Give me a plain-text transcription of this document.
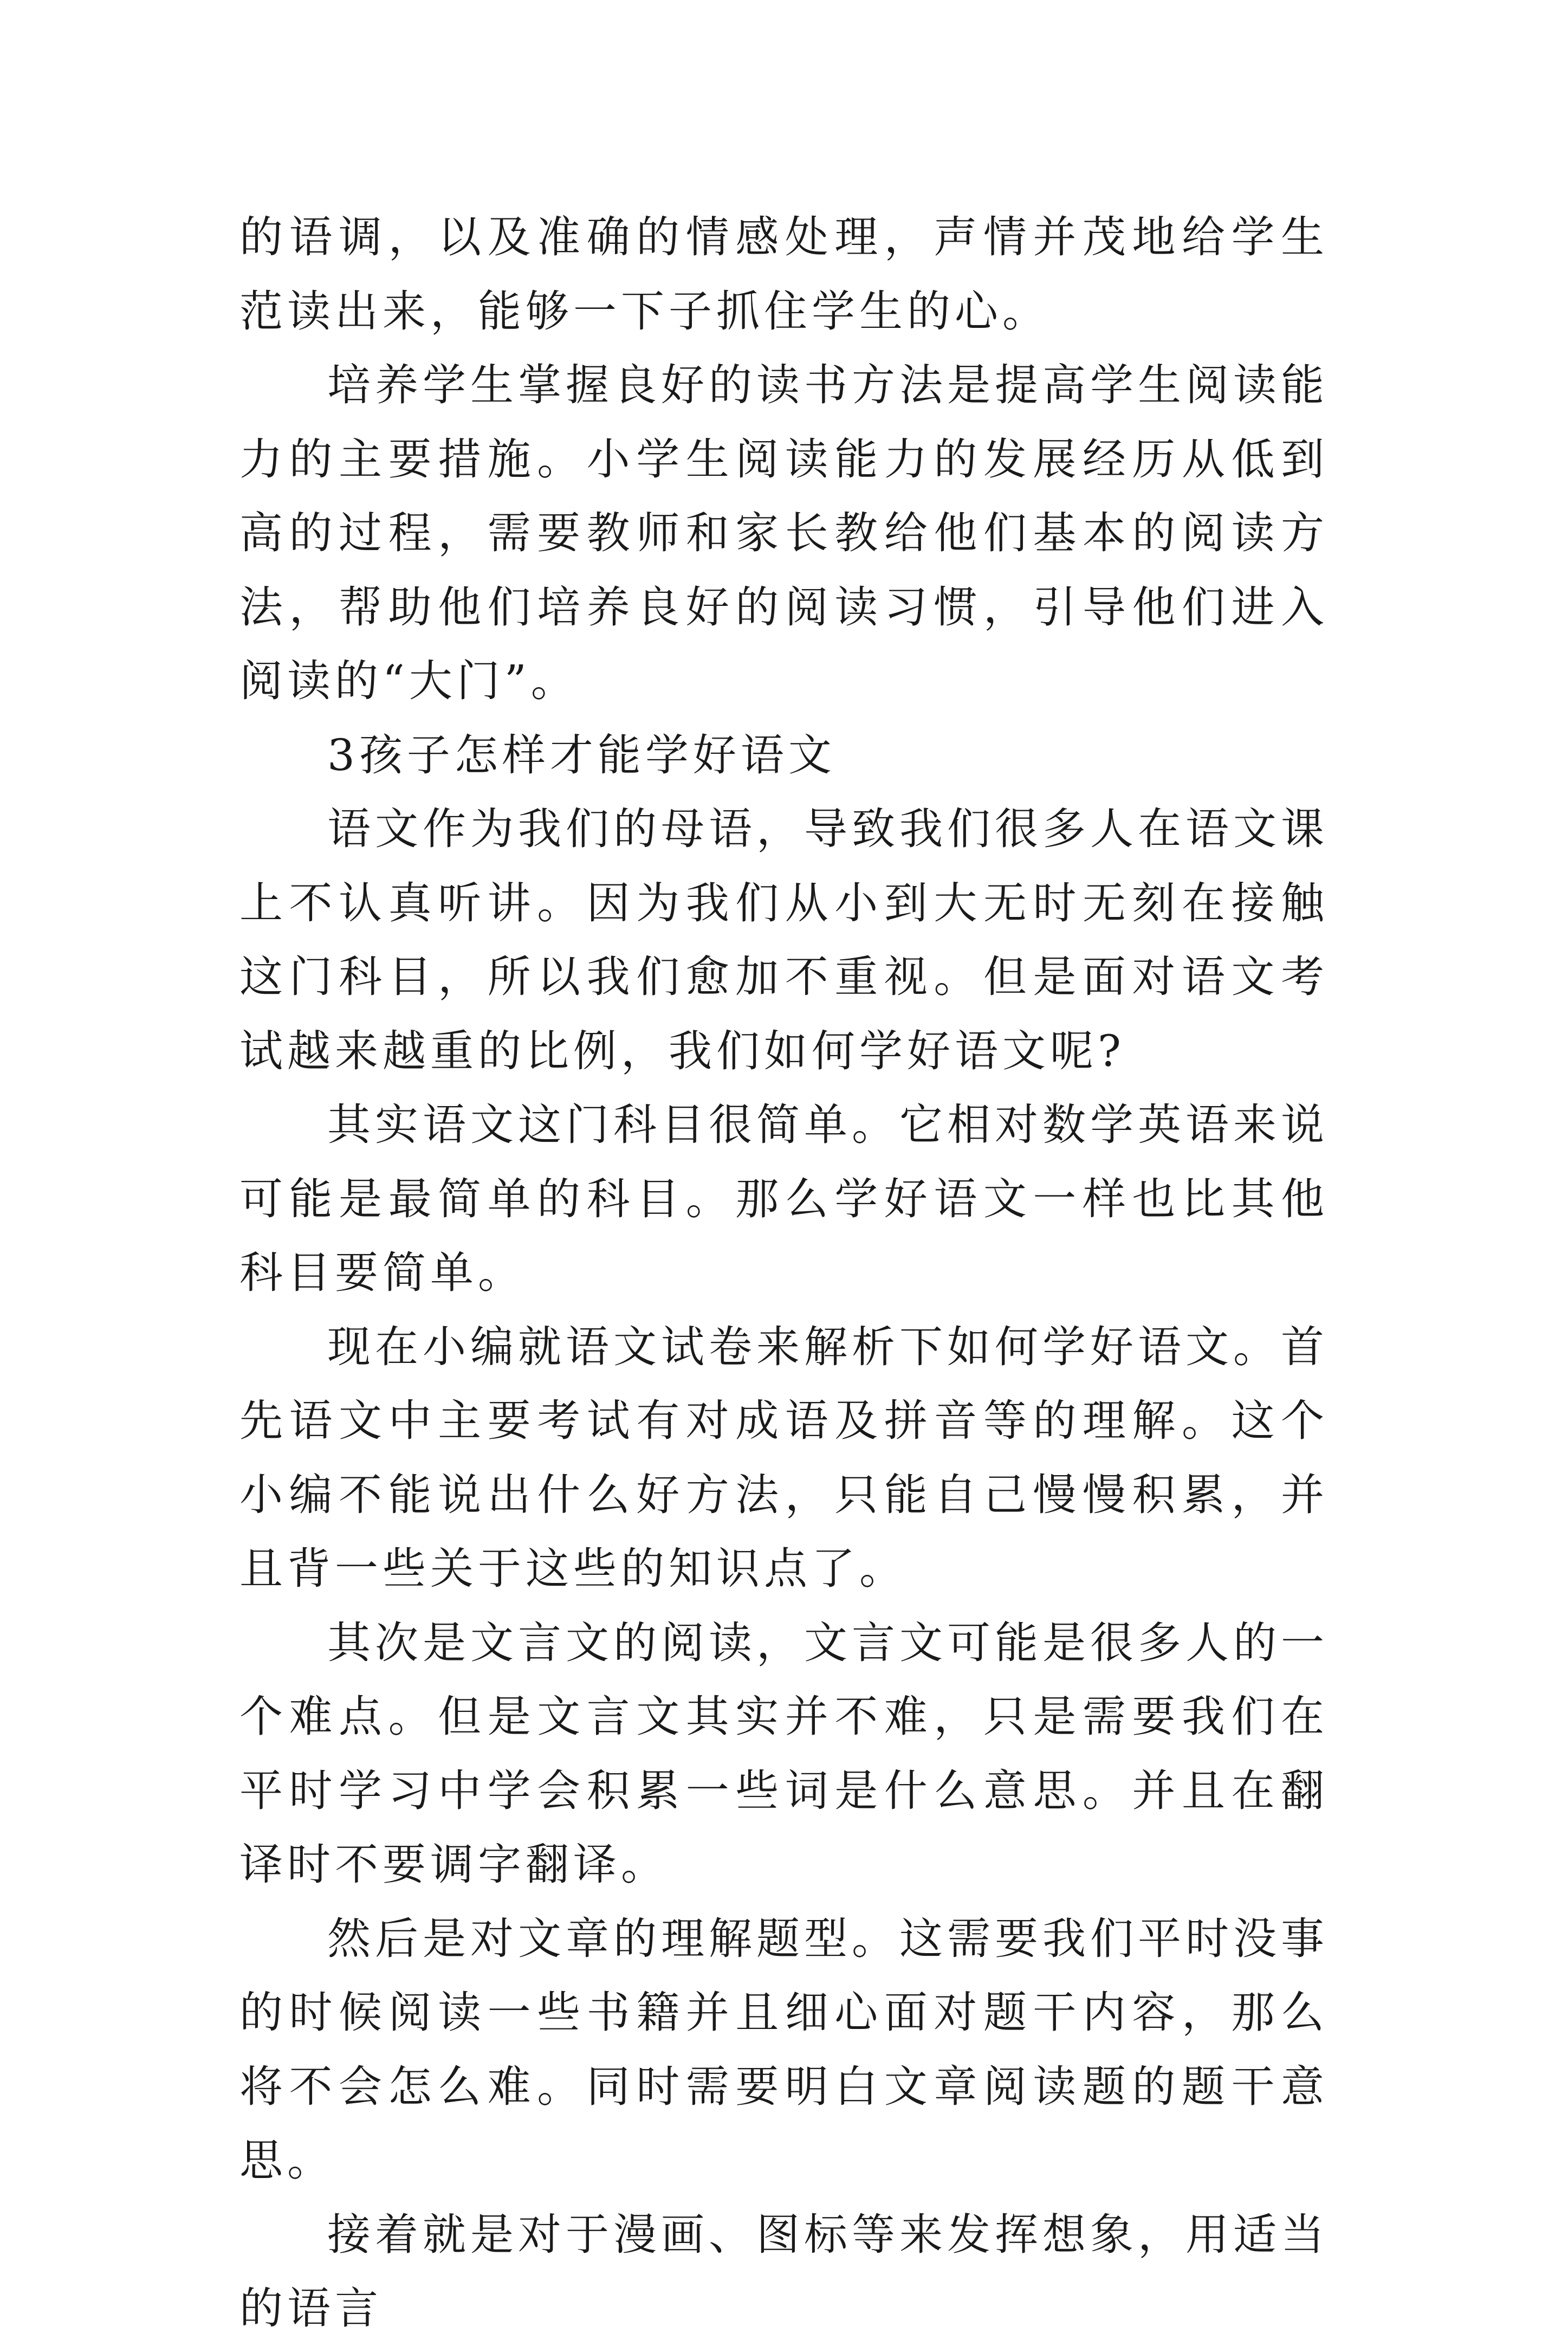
的语调，以及准确的情感处理，声情并茂地给学生范读出来，能够一下子抓住学生的心。

培养学生掌握良好的读书方法是提高学生阅读能力的主要措施。小学生阅读能力的发展经历从低到高的过程，需要教师和家长教给他们基本的阅读方法，帮助他们培养良好的阅读习惯，引导他们进入阅读的“大门”。

3孩子怎样才能学好语文

语文作为我们的母语，导致我们很多人在语文课上不认真听讲。因为我们从小到大无时无刻在接触这门科目，所以我们愈加不重视。但是面对语文考试越来越重的比例，我们如何学好语文呢?

其实语文这门科目很简单。它相对数学英语来说可能是最简单的科目。那么学好语文一样也比其他科目要简单。

现在小编就语文试卷来解析下如何学好语文。首先语文中主要考试有对成语及拼音等的理解。这个小编不能说出什么好方法，只能自己慢慢积累，并且背一些关于这些的知识点了。

其次是文言文的阅读，文言文可能是很多人的一个难点。但是文言文其实并不难，只是需要我们在平时学习中学会积累一些词是什么意思。并且在翻译时不要调字翻译。

然后是对文章的理解题型。这需要我们平时没事的时候阅读一些书籍并且细心面对题干内容，那么将不会怎么难。同时需要明白文章阅读题的题干意思。

接着就是对于漫画、图标等来发挥想象，用适当的语言
